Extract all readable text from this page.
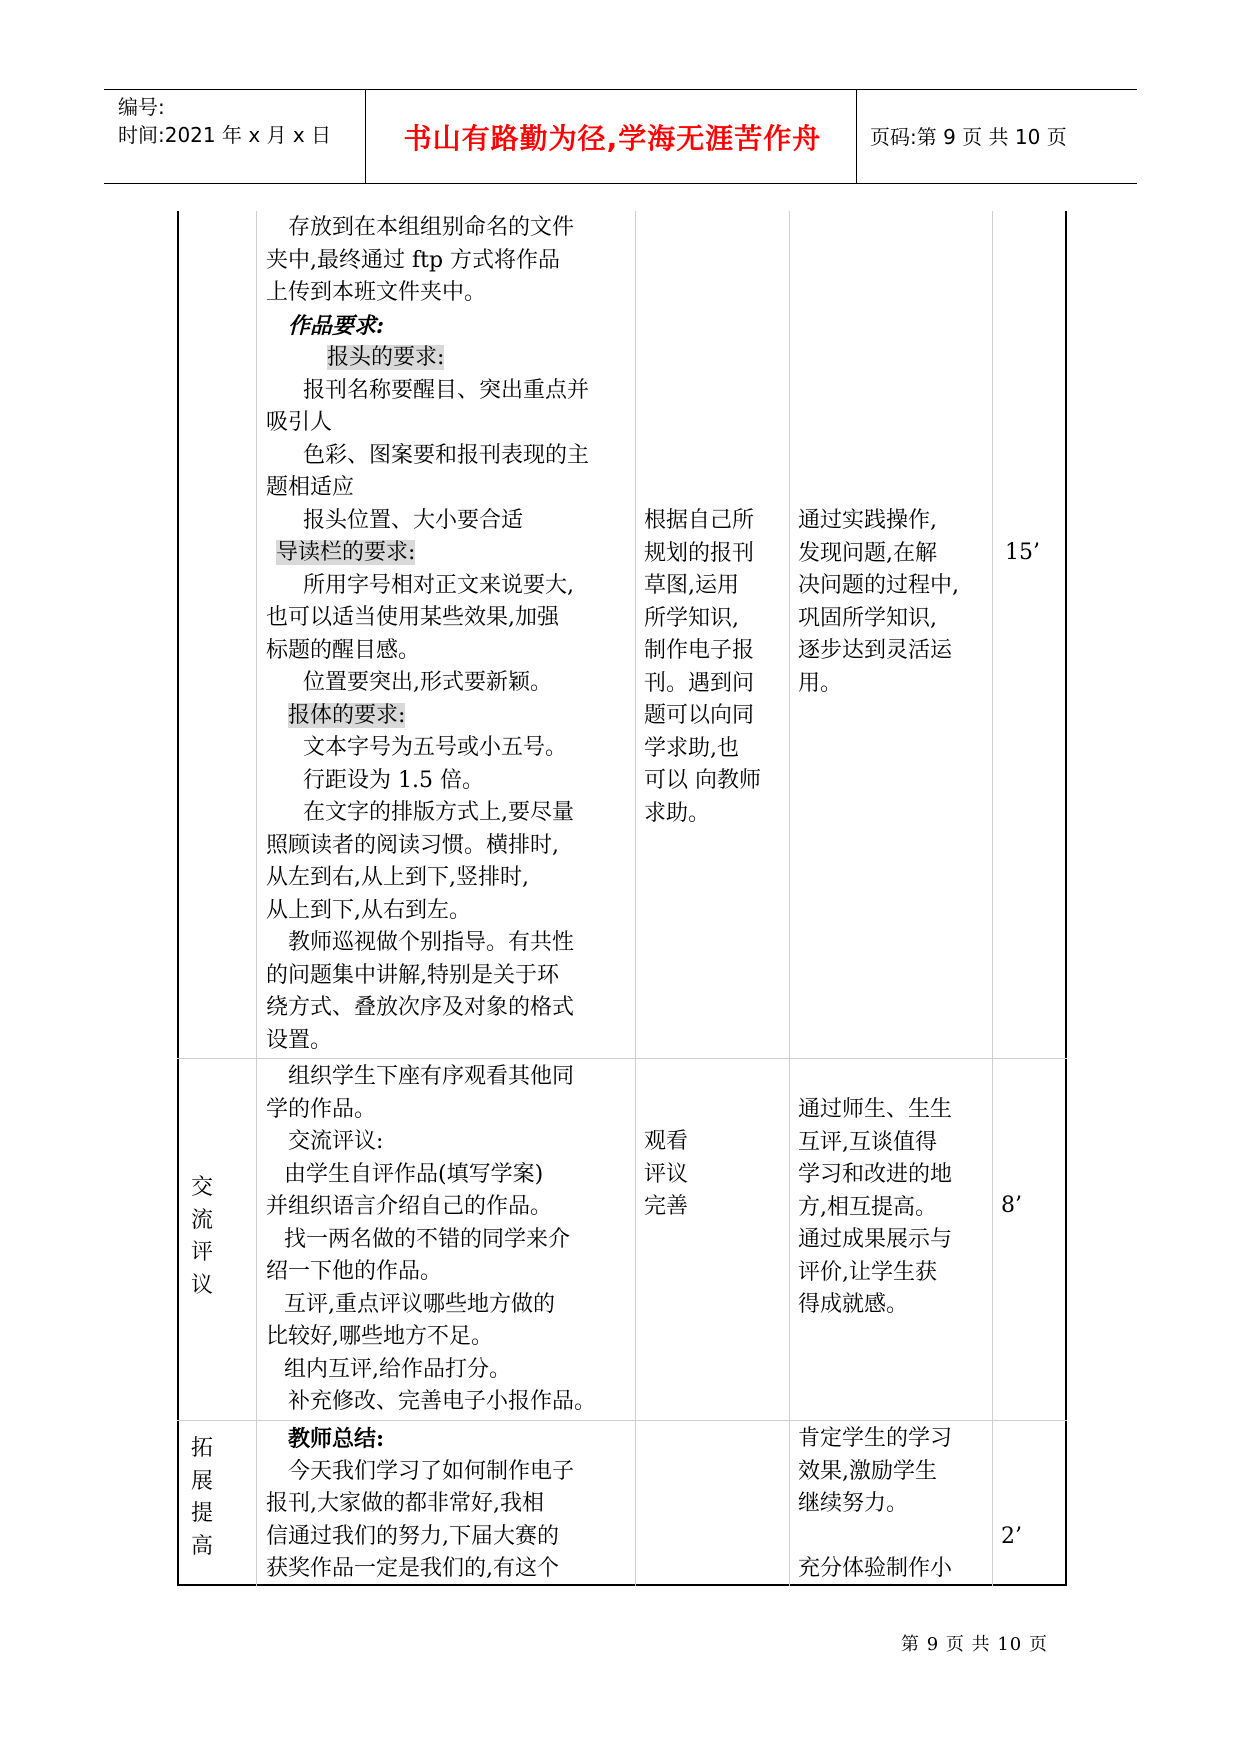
编号:
时间:2021 年 x 月 x 日	书山有路勤为径,学海无涯苦作舟	页码:第 9 页 共 10 页

存放到在本组组别命名的文件

夹中,最终通过 ftp 方式将作品

上传到本班文件夹中。

作品要求:

报头的要求:

报刊名称要醒目、突出重点并

吸引人

色彩、图案要和报刊表现的主

题相适应

报头位置、大小要合适

导读栏的要求:

所用字号相对正文来说要大,

也可以适当使用某些效果,加强

标题的醒目感。

位置要突出,形式要新颖。

报体的要求:

文本字号为五号或小五号。

行距设为 1.5 倍。

在文字的排版方式上,要尽量

照顾读者的阅读习惯。横排时,

从左到右,从上到下,竖排时,

从上到下,从右到左。

教师巡视做个别指导。有共性

的问题集中讲解,特别是关于环

绕方式、叠放次序及对象的格式

设置。

根据自己所

规划的报刊

草图,运用

所学知识,

制作电子报

刊。遇到问

题可以向同

学求助,也

可以 向教师

求助。

通过实践操作,

发现问题,在解

决问题的过程中,

巩固所学知识,

逐步达到灵活运

用。

15’
交
流
评
议

组织学生下座有序观看其他同

学的作品。

交流评议:

由学生自评作品(填写学案)

并组织语言介绍自己的作品。

找一两名做的不错的同学来介

绍一下他的作品。

互评,重点评议哪些地方做的

比较好,哪些地方不足。

组内互评,给作品打分。

补充修改、完善电子小报作品。

观看

评议

完善

通过师生、生生

互评,互谈值得

学习和改进的地

方,相互提高。

通过成果展示与

评价,让学生获

得成就感。

8’
拓
展
提
高

教师总结:

今天我们学习了如何制作电子

报刊,大家做的都非常好,我相

信通过我们的努力,下届大赛的

获奖作品一定是我们的,有这个

肯定学生的学习

效果,激励学生

继续努力。

充分体验制作小

2’
第 9 页 共 10 页
